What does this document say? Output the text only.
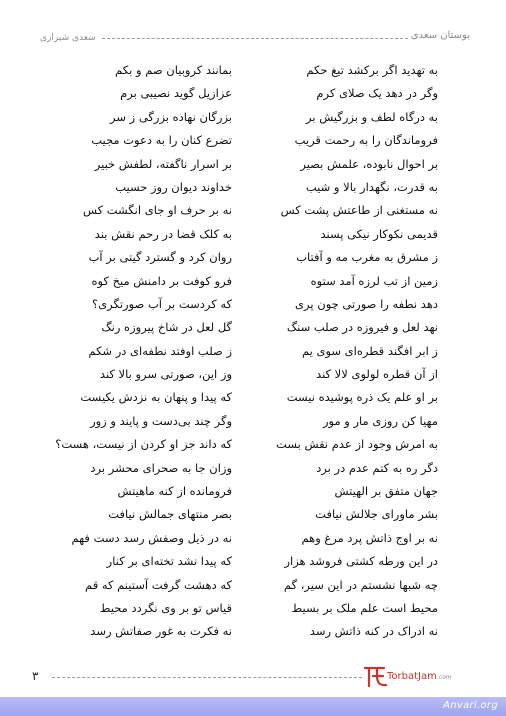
بوستان سعدی
سعدی شیرازی
به تهدید اگر برکشد تیغ حکم
بمانند کروبیان صم و بکم
وگر در دهد یک صلای کرم
عزازیل گوید نصیبی برم
به درگاه لطف و بزرگیش بر
بزرگان نهاده بزرگی ز سر
فروماندگان را به رحمت قریب
تضرع کنان را به دعوت مجیب
بر احوال نابوده، علمش بصیر
بر اسرار ناگفته، لطفش خبیر
به قدرت، نگهدار بالا و شیب
خداوند دیوان روز حسیب
نه مستغنی از طاعتش پشت کس
نه بر حرف او جای انگشت کس
قدیمی نکوکار نیکی پسند
به کلک قضا در رحم نقش بند
ز مشرق به مغرب مه و آفتاب
روان کرد و گسترد گیتی بر آب
زمین از تب لرزه آمد ستوه
فرو کوفت بر دامنش میخ کوه
دهد نطفه را صورتی چون پری
که کردست بر آب صورتگری؟
نهد لعل و فیروزه در صلب سنگ
گل لعل در شاخ پیروزه رنگ
ز ابر افگند قطره‌ای سوی یم
ز صلب اوفتد نطفه‌ای در شکم
از آن قطره لولوی لالا کند
وز این، صورتی سرو بالا کند
بر او علم یک ذره پوشیده نیست
که پیدا و پنهان به نزدش یکیست
مهیا کن روزی مار و مور
وگر چند بی‌دست و پایند و زور
به امرش وجود از عدم نقش بست
که داند جز او کردن از نیست، هست؟
دگر ره به کتم عدم در برد
وزان جا به صحرای محشر برد
جهان متفق بر الهیتش
فرومانده از کنه ماهیتش
بشر ماورای جلالش نیافت
بصر منتهای جمالش نیافت
نه بر اوج ذاتش پرد مرغ وهم
نه در ذیل وصفش رسد دست فهم
در این ورطه کشتی فروشد هزار
که پیدا نشد تخته‌ای بر کنار
چه شبها نشستم در این سیر، گم
که دهشت گرفت آستینم که قم
محیط است علم ملک بر بسیط
قیاس تو بر وی نگردد محیط
نه ادراک در کنه ذاتش رسد
نه فکرت به غور صفاتش رسد
۳	TorbatJam.com
Anvari.org
